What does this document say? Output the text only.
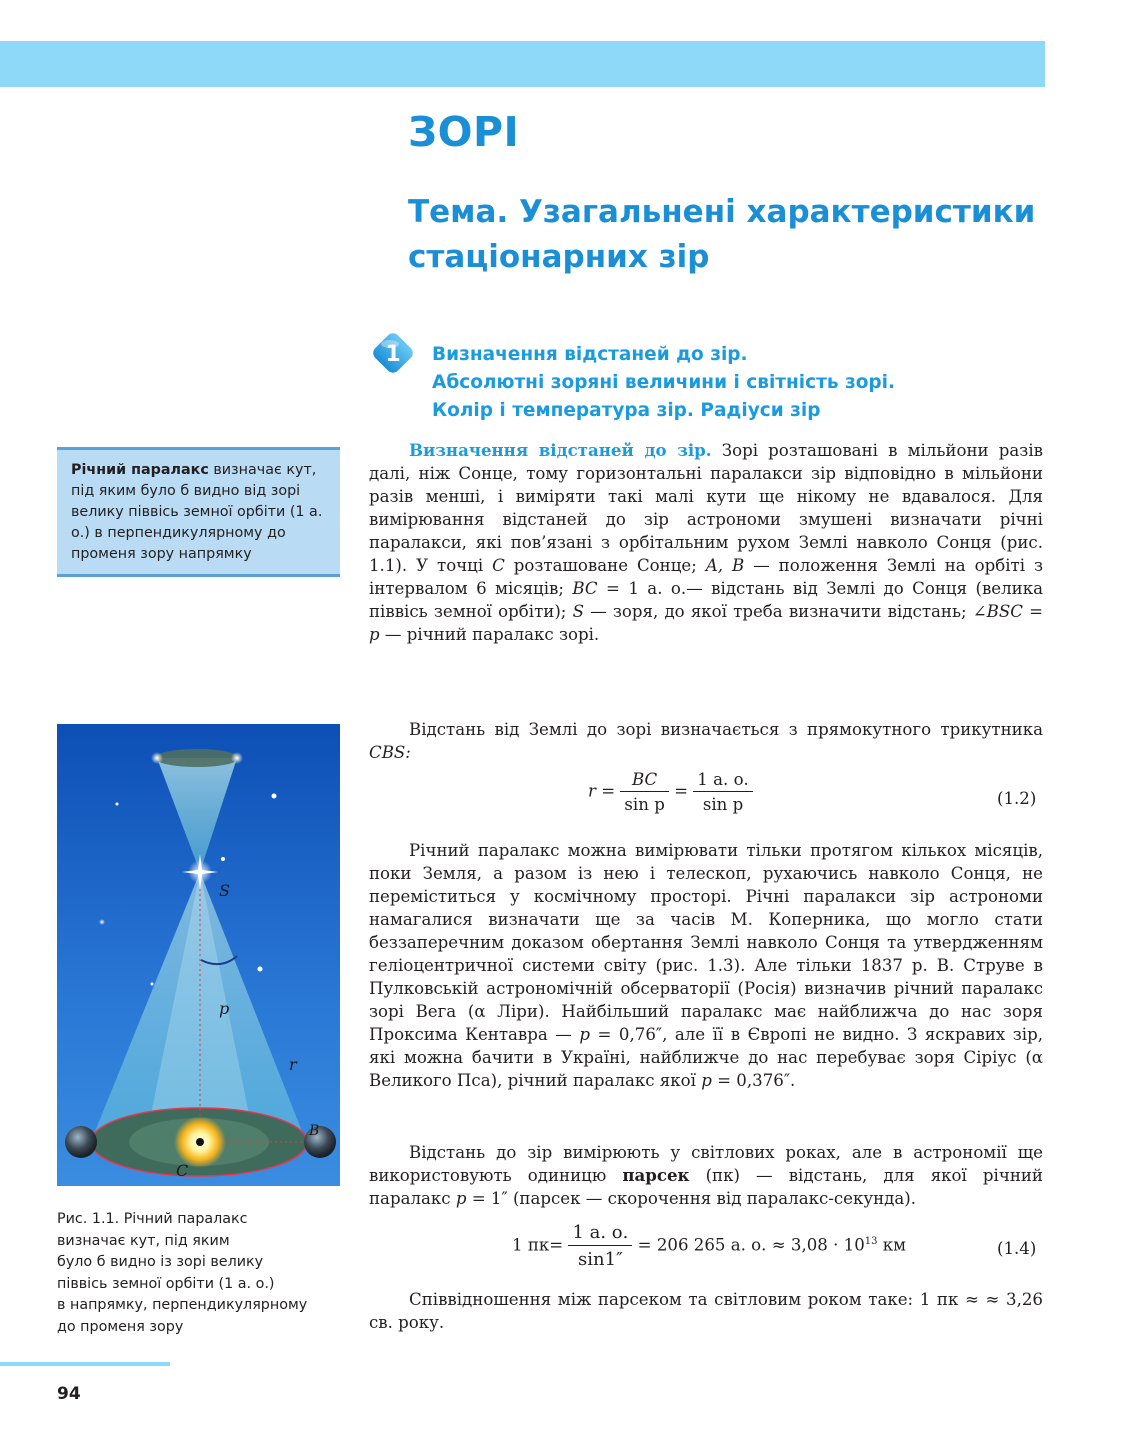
ЗОРІ
Тема. Узагальнені характеристики стаціонарних зір
1 Визначення відстаней до зір.
Абсолютні зоряні величини і світність зорі.
Колір і температура зір. Радіуси зір
Річний паралакс визначає кут, під яким було б видно від зорі велику піввісь земної орбіти (1 а. о.) в перпендикулярному до променя зору напрямку

Визначення відстаней до зір. Зорі розташовані в мільйони разів далі, ніж Сонце, тому горизонтальні паралакси зір відповідно в мільйони разів менші, і виміряти такі малі кути ще нікому не вдавалося. Для вимірювання відстаней до зір астрономи змушені визначати річні паралакси, які пов’язані з орбітальним рухом Землі навколо Сонця (рис. 1.1). У точці C розташоване Сонце; A, B — положення Землі на орбіті з інтервалом 6 місяців; BC = 1 а. о.— відстань від Землі до Сонця (велика піввісь земної орбіти); S — зоря, до якої треба визначити відстань; ∠BSC = p — річний паралакс зорі.

Відстань від Землі до зорі визначається з прямокутного трикутника CBS:

$r = \frac{BC}{\text{sin p}} = \frac{1 а. о.}{\text{sin p}}$	(1.2)

Річний паралакс можна вимірювати тільки протягом кількох місяців, поки Земля, а разом із нею і телескоп, рухаючись навколо Сонця, не переміститься у космічному просторі. Річні паралакси зір астрономи намагалися визначати ще за часів М. Коперника, що могло стати беззаперечним доказом обертання Землі навколо Сонця та утвердженням геліоцентричної системи світу (рис. 1.3). Але тільки 1837 р. В. Струве в Пулковській астрономічній обсерваторії (Росія) визначив річний паралакс зорі Вега (α Ліри). Найбільший паралакс має найближча до нас зоря Проксима Кентавра — p = 0,76″, але її в Європі не видно. З яскравих зір, які можна бачити в Україні, найближче до нас перебуває зоря Сіріус (α Великого Пса), річний паралакс якої p = 0,376″.

Відстань до зір вимірюють у світлових роках, але в астрономії ще використовують одиницю парсек (пк) — відстань, для якої річний паралакс p = 1″ (парсек — скорочення від паралакс-секунда).

1 $пк= \frac{1 а. о.}{\sin 1''} = 206$ 265 а. о. ≈ $3,08 \cdot 10^{13}$ км	(1.4)

Співвідношення між парсеком та світловим роком таке: 1 пк ≈ ≈ 3,26 св. року.

S
p
r
C
B
Рис. 1.1. Річний паралакс
визначає кут, під яким
було б видно із зорі велику
піввісь земної орбіти (1 а. о.)
в напрямку, перпендикулярному
до променя зору
94
